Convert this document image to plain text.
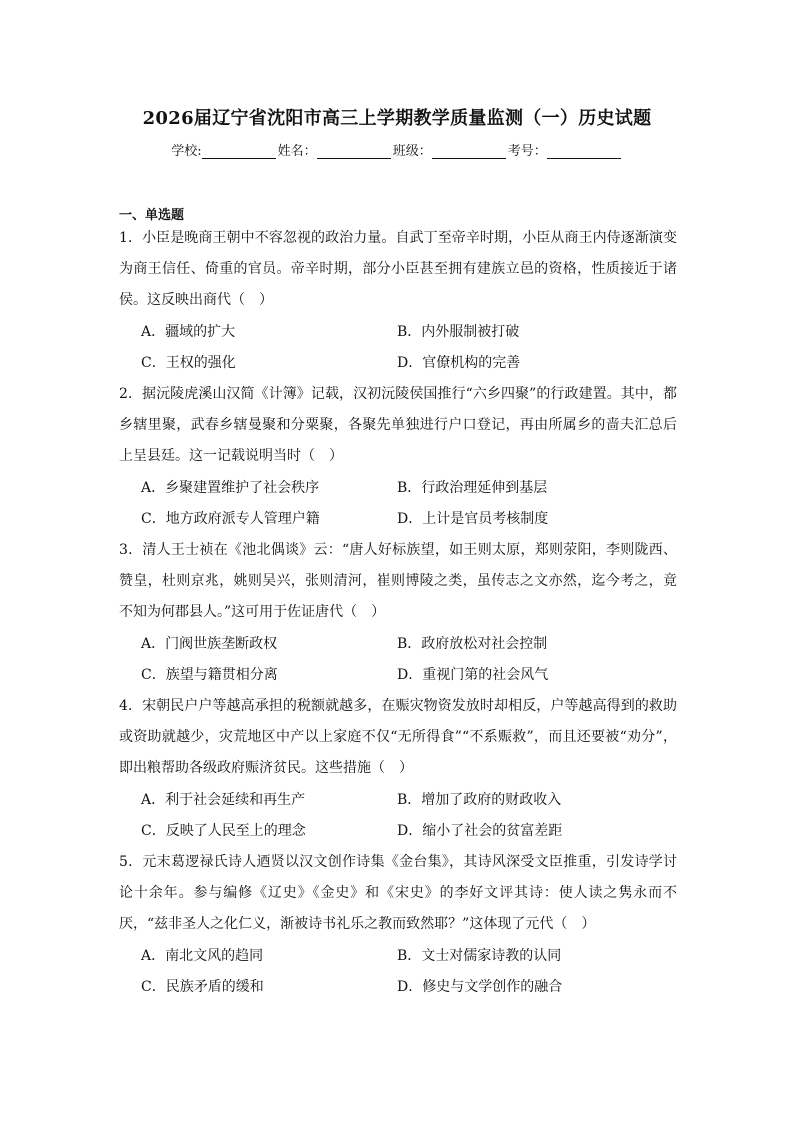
2026届辽宁省沈阳市高三上学期教学质量监测（一）历史试题
学校:	姓名：	班级：	考号：
一、单选题
1．小臣是晚商王朝中不容忽视的政治力量。自武丁至帝辛时期，小臣从商王内侍逐渐演变为商王信任、倚重的官员。帝辛时期，部分小臣甚至拥有建族立邑的资格，性质接近于诸侯。这反映出商代（　）
A．疆域的扩大	B．内外服制被打破
C．王权的强化	D．官僚机构的完善
2．据沅陵虎溪山汉简《计簿》记载，汉初沅陵侯国推行“六乡四聚”的行政建置。其中，都乡辖里聚，武春乡辖曼聚和分粟聚，各聚先单独进行户口登记，再由所属乡的啬夫汇总后上呈县廷。这一记载说明当时（　）
A．乡聚建置维护了社会秩序	B．行政治理延伸到基层
C．地方政府派专人管理户籍	D．上计是官员考核制度
3．清人王士祯在《池北偶谈》云：“唐人好标族望，如王则太原，郑则荥阳，李则陇西、赞皇，杜则京兆，姚则吴兴，张则清河，崔则博陵之类，虽传志之文亦然，迄今考之，竟不知为何郡县人。”这可用于佐证唐代（　）
A．门阀世族垄断政权	B．政府放松对社会控制
C．族望与籍贯相分离	D．重视门第的社会风气
4．宋朝民户户等越高承担的税额就越多，在赈灾物资发放时却相反，户等越高得到的救助或资助就越少，灾荒地区中产以上家庭不仅“无所得食”“不系赈救”，而且还要被“劝分”，即出粮帮助各级政府赈济贫民。这些措施（　）
A．利于社会延续和再生产	B．增加了政府的财政收入
C．反映了人民至上的理念	D．缩小了社会的贫富差距
5．元末葛逻禄氏诗人迺贤以汉文创作诗集《金台集》，其诗风深受文臣推重，引发诗学讨论十余年。参与编修《辽史》《金史》和《宋史》的李好文评其诗：使人读之隽永而不厌，“兹非圣人之化仁义，渐被诗书礼乐之教而致然耶？”这体现了元代（　）
A．南北文风的趋同	B．文士对儒家诗教的认同
C．民族矛盾的缓和	D．修史与文学创作的融合
